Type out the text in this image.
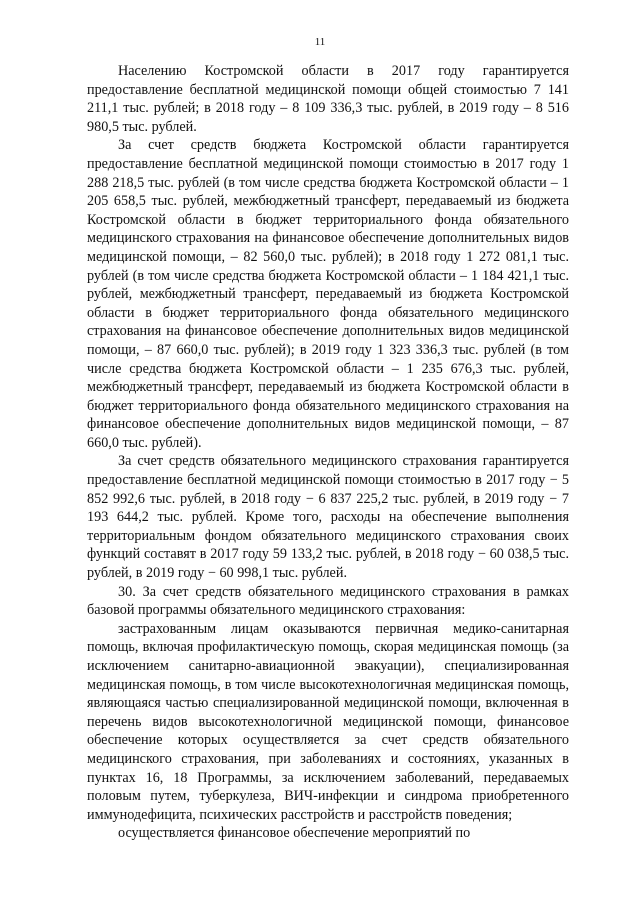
11

Населению Костромской области в 2017 году гарантируется предоставление бесплатной медицинской помощи общей стоимостью 7 141 211,1 тыс. рублей; в 2018 году – 8 109 336,3 тыс. рублей, в 2019 году – 8 516 980,5 тыс. рублей.

За счет средств бюджета Костромской области гарантируется предоставление бесплатной медицинской помощи стоимостью в 2017 году 1 288 218,5 тыс. рублей (в том числе средства бюджета Костромской области – 1 205 658,5 тыс. рублей, межбюджетный трансферт, передаваемый из бюджета Костромской области в бюджет территориального фонда обязательного медицинского страхования на финансовое обеспечение дополнительных видов медицинской помощи, – 82 560,0 тыс. рублей); в 2018 году 1 272 081,1 тыс. рублей (в том числе средства бюджета Костромской области – 1 184 421,1 тыс. рублей, межбюджетный трансферт, передаваемый из бюджета Костромской области в бюджет территориального фонда обязательного медицинского страхования на финансовое обеспечение дополнительных видов медицинской помощи, – 87 660,0 тыс. рублей); в 2019 году 1 323 336,3 тыс. рублей (в том числе средства бюджета Костромской области – 1 235 676,3 тыс. рублей, межбюджетный трансферт, передаваемый из бюджета Костромской области в бюджет территориального фонда обязательного медицинского страхования на финансовое обеспечение дополнительных видов медицинской помощи, – 87 660,0 тыс. рублей).

За счет средств обязательного медицинского страхования гарантируется предоставление бесплатной медицинской помощи стоимостью в 2017 году − 5 852 992,6 тыс. рублей, в 2018 году − 6 837 225,2 тыс. рублей, в 2019 году − 7 193 644,2 тыс. рублей. Кроме того, расходы на обеспечение выполнения территориальным фондом обязательного медицинского страхования своих функций составят в 2017 году 59 133,2 тыс. рублей, в 2018 году − 60 038,5 тыс. рублей, в 2019 году − 60 998,1 тыс. рублей.

30. За счет средств обязательного медицинского страхования в рамках базовой программы обязательного медицинского страхования:

застрахованным лицам оказываются первичная медико-санитарная помощь, включая профилактическую помощь, скорая медицинская помощь (за исключением санитарно-авиационной эвакуации), специализированная медицинская помощь, в том числе высокотехнологичная медицинская помощь, являющаяся частью специализированной медицинской помощи, включенная в перечень видов высокотехнологичной медицинской помощи, финансовое обеспечение которых осуществляется за счет средств обязательного медицинского страхования, при заболеваниях и состояниях, указанных в пунктах 16, 18 Программы, за исключением заболеваний, передаваемых половым путем, туберкулеза, ВИЧ-инфекции и синдрома приобретенного иммунодефицита, психических расстройств и расстройств поведения;

осуществляется финансовое обеспечение мероприятий по
